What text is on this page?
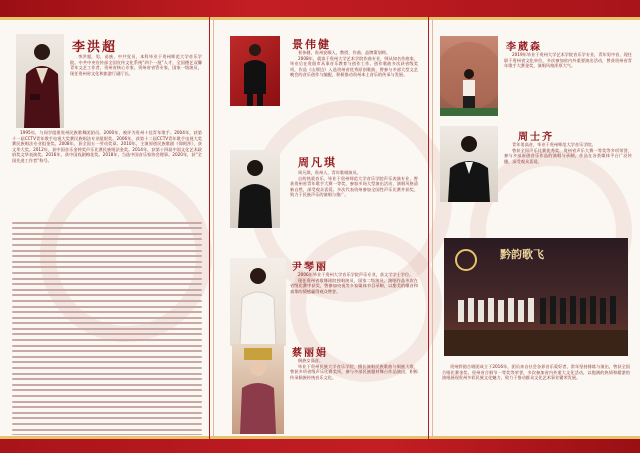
李洪超

李洪超，男，苗族，中共党员，本科毕业于贵州师范大学音乐学院。中共中央宣传部全国宣传文化系统“四个一批”人才，全国德艺双馨青年文艺工作者，贵州省核心专家，贵州省省管专家，国家一级演员，现任贵州省文化和旅游厅副厅长。

1995年，与同学组建贵州民族歌舞团团员。2000年，被评为贵州十佳青年歌手。2004年，获第十一届CCTV青年歌手电视大奖赛民族唱法专业组银奖。2006年，获第十二届CCTV青年歌手电视大奖赛民族唱法专业组金奖。2008年，获全国五一劳动奖章。2010年，主演原创民族歌剧《仰阿莎》，获文华大奖。2012年，获中国音乐金钟奖声乐比赛民族唱法金奖。2014年，获第十四届中国文化艺术政府奖文华表演奖。2016年，获中国戏剧梅花奖。2018年，当选中国音乐家协会理事。2020年，获“全国先进工作者”称号。

景伟健

景伟健，贵州安顺人，教授、作曲、品牌策划师。

2008年，就读于贵州大学艺术学院作曲专业，师从知名作曲家，毕业后在贵阳市从事音乐教育与创作工作。创作歌曲多次获省级奖项，作品《山那边》入选贵州省优秀原创歌曲，曾参与多部大型文艺晚会的音乐创作与编配，积极推动贵州本土音乐的传承与发展。

周凡琪

周凡琪，贵州人，青年歌唱演员。

自幼热爱音乐，毕业于贵州师范大学音乐学院声乐表演专业，曾获贵州省青年歌手大赛一等奖，参加多场大型演出活动，演唱风格清新自然，深受观众喜爱。多次代表贵州参加全国性声乐比赛并获奖，致力于民族声乐的演唱与推广。

尹琴丽

2006年毕业于贵州大学音乐学院声乐专业，获文学学士学位。

现任贵州省歌舞剧院独唱演员，国家二级演员。演唱作品多次在省级比赛中获奖，曾参加央视等多家媒体节目录制，以甜美的嗓音和真挚的情感赢得观众赞誉。

蔡丽娟

侗族女高音。

毕业于贵州民族大学音乐学院，擅长演唱民族歌曲与侗族大歌，曾获多项省级声乐比赛奖项，参与多部民族题材舞台作品演出，积极传承侗族传统音乐文化。

李葳森

2019年毕业于贵州大学艺术学院音乐学专业，青年男中音，现任职于贵州省文化单位，多次参加省内外重要演出活动，曾获贵州省青年歌手大赛金奖，演唱风格浑厚大气。

周士齐

青年男高音，毕业于贵州师范大学音乐学院。

曾获全国声乐比赛优秀奖、贵州省声乐大赛一等奖等多项荣誉，参与多部原创音乐作品的演唱与录制，作品在各类媒体平台广泛传播，深受观众喜爱。

黔韵歌飞

贵州黔韵合唱团成立于2016年，团员来自社会各界音乐爱好者，常年坚持排练与演出，曾获全国合唱比赛金奖、贵州省合唱节一等奖等荣誉，多次参加省内外重大文化活动，以饱满的热情和精湛的演唱展现贵州多彩民族文化魅力，致力于推动群众文化艺术事业繁荣发展。
